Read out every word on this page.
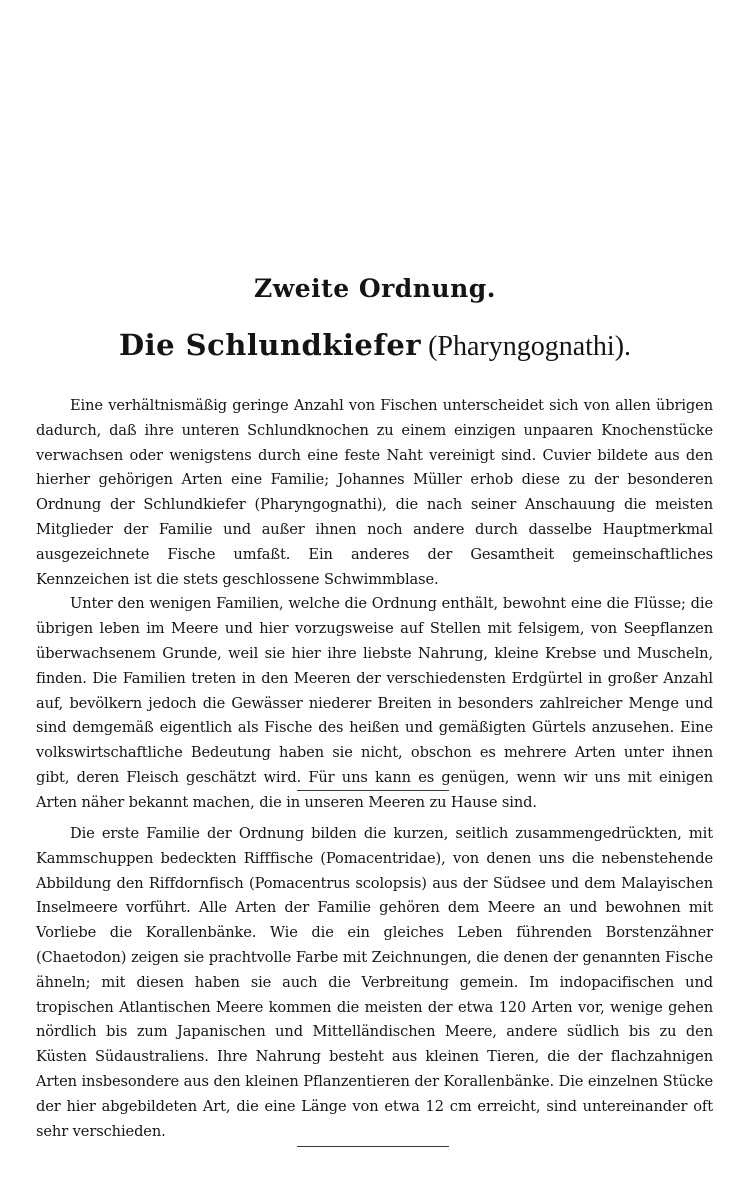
Zweite Ordnung.
Die Schlundkiefer (Pharyngognathi).

Eine verhältnismäßig geringe Anzahl von Fischen unterscheidet sich von allen übrigen dadurch, daß ihre unteren Schlundknochen zu einem einzigen unpaaren Knochenstücke verwachsen oder wenigstens durch eine feste Naht vereinigt sind. Cuvier bildete aus den hierher gehörigen Arten eine Familie; Johannes Müller erhob diese zu der besonderen Ordnung der Schlundkiefer (Pharyngognathi), die nach seiner Anschauung die meisten Mitglieder der Familie und außer ihnen noch andere durch dasselbe Hauptmerkmal ausgezeichnete Fische umfaßt. Ein anderes der Gesamtheit gemeinschaftliches Kennzeichen ist die stets geschlossene Schwimmblase.

Unter den wenigen Familien, welche die Ordnung enthält, bewohnt eine die Flüsse; die übrigen leben im Meere und hier vorzugsweise auf Stellen mit felsigem, von Seepflanzen überwachsenem Grunde, weil sie hier ihre liebste Nahrung, kleine Krebse und Muscheln, finden. Die Familien treten in den Meeren der verschiedensten Erdgürtel in großer Anzahl auf, bevölkern jedoch die Gewässer niederer Breiten in besonders zahlreicher Menge und sind demgemäß eigentlich als Fische des heißen und gemäßigten Gürtels anzusehen. Eine volkswirtschaftliche Bedeutung haben sie nicht, obschon es mehrere Arten unter ihnen gibt, deren Fleisch geschätzt wird. Für uns kann es genügen, wenn wir uns mit einigen Arten näher bekannt machen, die in unseren Meeren zu Hause sind.

Die erste Familie der Ordnung bilden die kurzen, seitlich zusammengedrückten, mit Kammschuppen bedeckten Rifffische (Pomacentridae), von denen uns die nebenstehende Abbildung den Riffdornfisch (Pomacentrus scolopsis) aus der Südsee und dem Malayischen Inselmeere vorführt. Alle Arten der Familie gehören dem Meere an und bewohnen mit Vorliebe die Korallenbänke. Wie die ein gleiches Leben führenden Borstenzähner (Chaetodon) zeigen sie prachtvolle Farbe mit Zeichnungen, die denen der genannten Fische ähneln; mit diesen haben sie auch die Verbreitung gemein. Im indopacifischen und tropischen Atlantischen Meere kommen die meisten der etwa 120 Arten vor, wenige gehen nördlich bis zum Japanischen und Mittelländischen Meere, andere südlich bis zu den Küsten Südaustraliens. Ihre Nahrung besteht aus kleinen Tieren, die der flachzahnigen Arten insbesondere aus den kleinen Pflanzentieren der Korallenbänke. Die einzelnen Stücke der hier abgebildeten Art, die eine Länge von etwa 12 cm erreicht, sind untereinander oft sehr verschieden.
